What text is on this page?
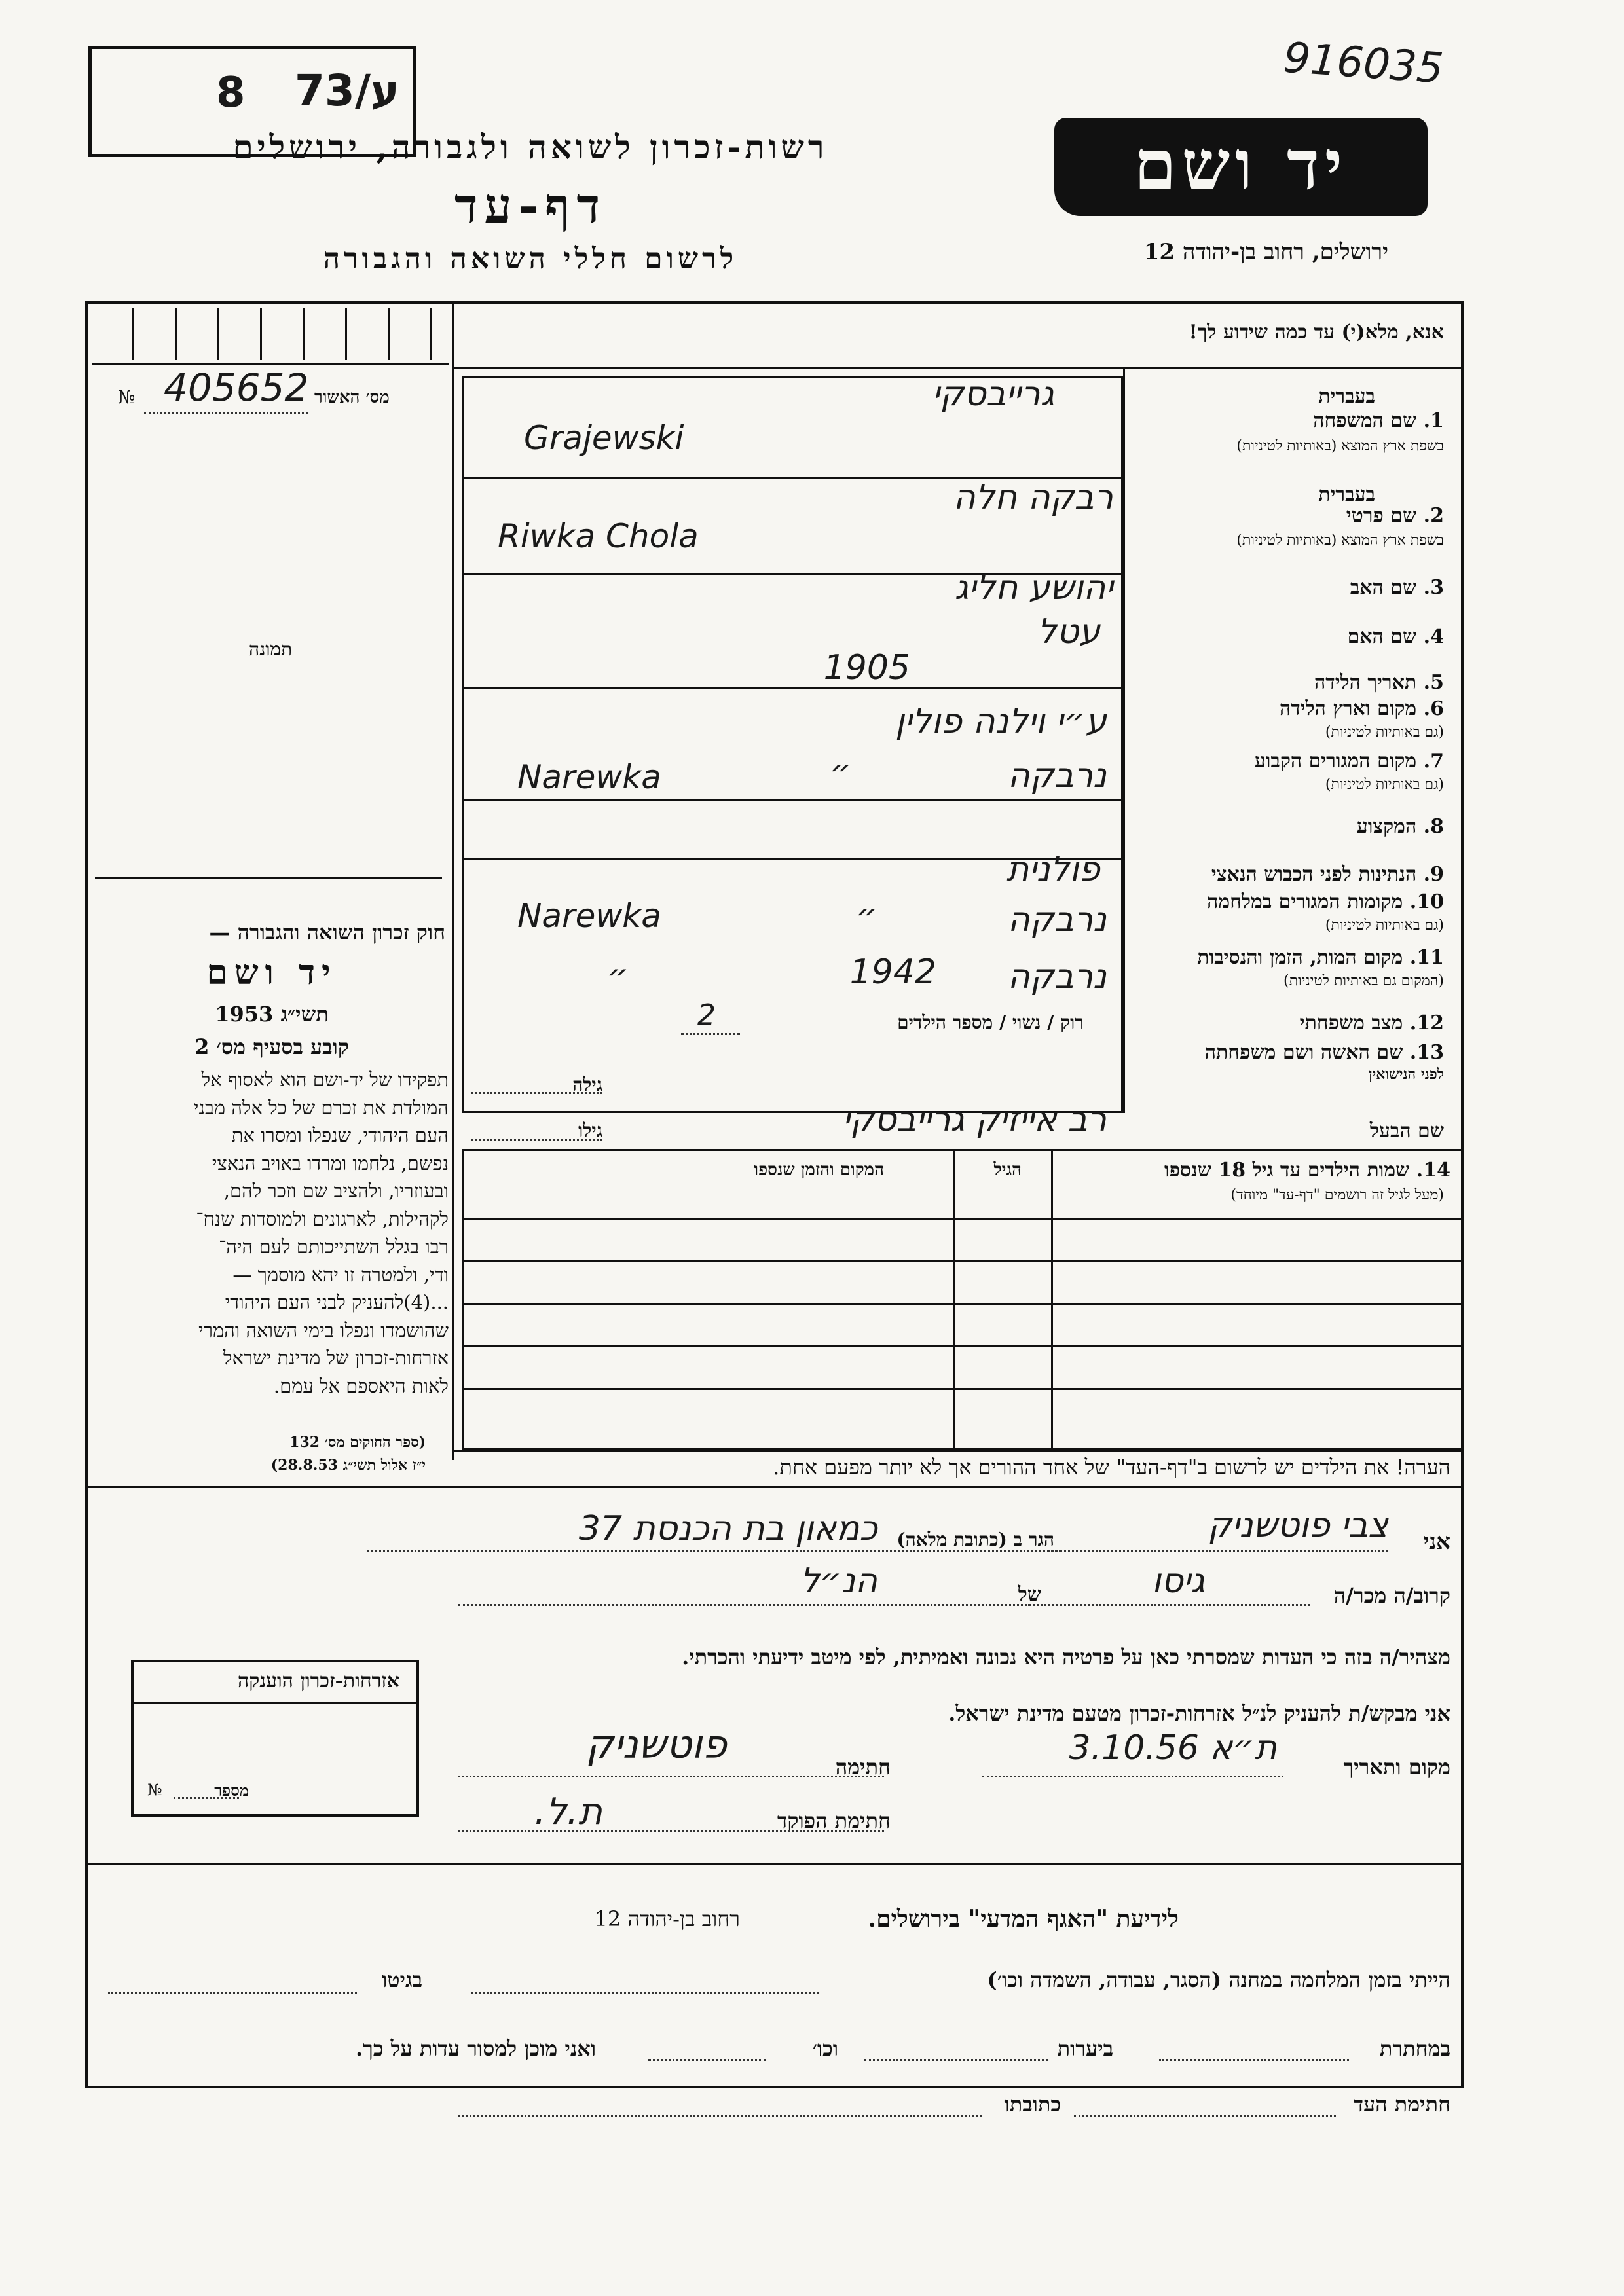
8 73/ע	916035
רשות-זכרון לשואה ולגבורה, ירושלים
דף-עד
לרשום חללי השואה והגבורה
יד ושם
ירושלים, רחוב בן-יהודה 12
אנא, מלא(י) עד כמה שידוע לך!
מס׳ האשור
№ 405652
תמונה
חוק זכרון השואה והגבורה —
יד ושם
תשי״ג 1953
קובע בסעיף מס׳ 2
תפקידו של יד-ושם הוא לאסוף אל
המולדת את זכרם של כל אלה מבני
העם היהודי, שנפלו ומסרו את
נפשם, נלחמו ומרדו באויב הנאצי
ובעוזריו, ולהציב שם וזכר להם,
לקהילות, לארגונים ולמוסדות שנח־
רבו בגלל השתייכותם לעם היה־
ודי, ולמטרה זו יהא מוסמך —
...(4)להעניק לבני העם היהודי
שהושמדו ונפלו בימי השואה והמרי
אזרחות-זכרון של מדינת ישראל
לאות היאספם אל עמם.
(ספר החוקים מס׳ 132
י״ז אלול תשי״ג 28.8.53)
בעברית
1. שם המשפחה
בשפת ארץ המוצא (באותיות לטיניות)
גרייבסקי
Grajewski
בעברית
2. שם פרטי
בשפת ארץ המוצא (באותיות לטיניות)
רבקה חלה
Riwka Chola
3. שם האב
יהושע חליג
4. שם האם
עטל
5. תאריך הלידה
1905
6. מקום וארץ הלידה
(גם באותיות לטיניות)
ע״י וילנה פולין
7. מקום המגורים הקבוע
(גם באותיות לטיניות)
נרבקה
״
Narewka
8. המקצוע
9. הנתינות לפני הכבוש הנאצי
פולנית
10. מקומות המגורים במלחמה
(גם באותיות לטיניות)
נרבקה
״
Narewka
11. מקום המות, הזמן והנסיבות
(המקום גם באותיות לטיניות)
נרבקה
1942
״
12. מצב משפחתי
רוק / נשוי / מספר הילדים
2
13. שם האשה ושם משפחתה
לפני הנישואין
גילה
שם הבעל
גילו	רב אייזיק גרייבסקי
14. שמות הילדים עד גיל 18 שנספו
(מעל לגיל זה רושמים "דף-עד" מיוחד)
הגיל
המקום והזמן שנספו
הערה! את הילדים יש לרשום ב"דף-העד" של אחד ההורים אך לא יותר מפעם אחת.
אני
צבי פוטשניק
הגר ב (כתובת מלאה)
כמאון בת הכנסת 37
קרוב/ה מכר/ה
גיסו
של
הנ״ל
מצהיר/ה בזה כי העדות שמסרתי כאן על פרטיה היא נכונה ואמיתית, לפי מיטב ידיעתי והכרתי.
אני מבקש/ת להעניק לנ״ל אזרחות-זכרון מטעם מדינת ישראל.
מקום ותאריך
ת״א 3.10.56
חתימה
פוטשניק
חתימת הפוקד
ת.ל.
אזרחות-זכרון הוענקה
מספר
№
לידיעת "האגף המדעי" בירושלים.
רחוב בן-יהודה 12
הייתי בזמן המלחמה במחנה (הסגר, עבודה, השמדה וכו׳)
בגיטו
במחתרת
ביערות
וכו׳
ואני מוכן למסור עדות על כך.
חתימת העד
כתובתו
